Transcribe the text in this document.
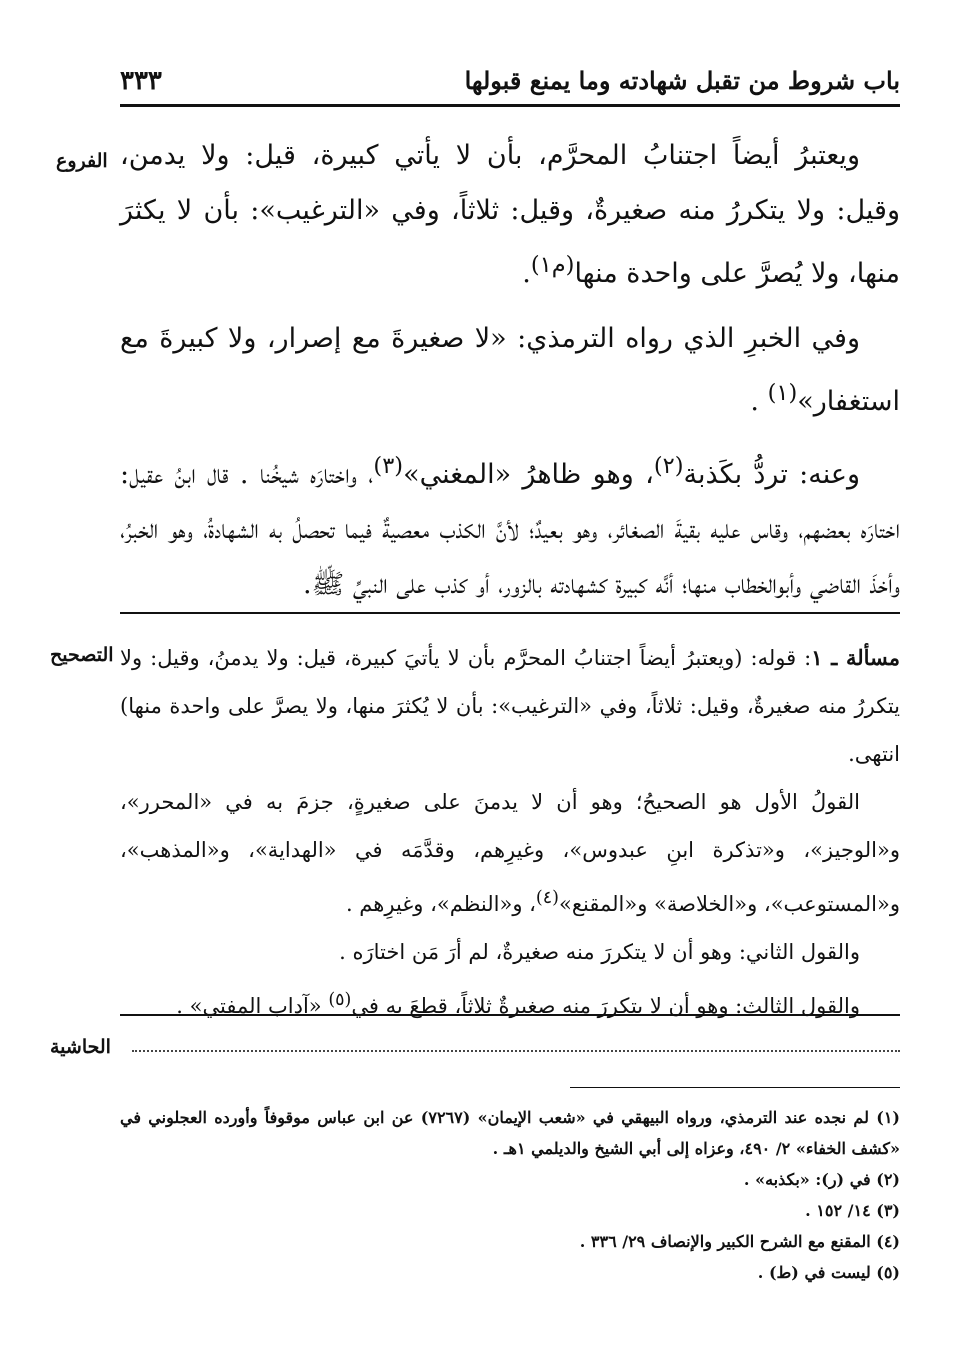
باب شروط من تقبل شهادته وما يمنع قبولها
٣٣٣
الفروع
التصحيح
الحاشية

ويعتبرُ أيضاً اجتنابُ المحرَّم، بأن لا يأتي كبيرة، قيل: ولا يدمن، وقيل: ولا يتكررُ منه صغيرةٌ، وقيل: ثلاثاً، وفي «الترغيب»: بأن لا يكثرَ منها، ولا يُصرَّ على واحدة منها$^{(م١)}$.

وفي الخبرِ الذي رواه الترمذي: «لا صغيرةَ مع إصرار، ولا كبيرةَ مع استغفار»$^{(١)}$ .

وعنه: تردُّ بكَذبة$^{(٢)}$، وهو ظاهرُ «المغني»$^{(٣)}$، واختارَه شيخُنا . قال ابنُ عقيل: اختارَه بعضهم، وقاس عليه بقيةَ الصغائر، وهو بعيدٌ؛ لأنَّ الكذب معصيةٌ فيما تحصلُ به الشهادةُ، وهو الخبرُ، وأخذَ القاضي وأبوالخطاب منها؛ أنَّه كبيرة كشهادته بالزور، أو كذب على النبيِّ ﷺ.

مسألة ـ ١: قوله: (ويعتبرُ أيضاً اجتنابُ المحرَّم بأن لا يأتيَ كبيرة، قيل: ولا يدمنُ، وقيل: ولا يتكررُ منه صغيرةٌ، وقيل: ثلاثاً، وفي «الترغيب»: بأن لا يُكثرَ منها، ولا يصرَّ على واحدة منها) انتهى.

القولُ الأول هو الصحيحُ؛ وهو أن لا يدمنَ على صغيرةٍ، جزمَ به في «المحرر»، و«الوجيز»، و«تذكرة ابنِ عبدوس»، وغيرِهم، وقدَّمَه في «الهداية»، و«المذهب»، و«المستوعب»، و«الخلاصة» و«المقنع»$^{(٤)}$، و«النظم»، وغيرِهم .

والقول الثاني: وهو أن لا يتكررَ منه صغيرةٌ، لم أرَ مَن اختارَه .

والقول الثالث: وهو أن لا يتكررَ منه صغيرةٌ ثلاثاً، قطعَ به في$^{(٥)}$ «آداب المفتي» .

(١) لم نجده عند الترمذي، ورواه البيهقي في «شعب الإيمان» (٧٢٦٧) عن ابن عباس موقوفاً وأورده العجلوني في «كشف الخفاء» ٢/ ٤٩٠، وعزاه إلى أبي الشيخ والديلمي ١هـ .

(٢) في (ر): «بكذبه» .

(٣) ١٤/ ١٥٢ .

(٤) المقنع مع الشرح الكبير والإنصاف ٢٩/ ٣٣٦ .

(٥) ليست في (ط) .
